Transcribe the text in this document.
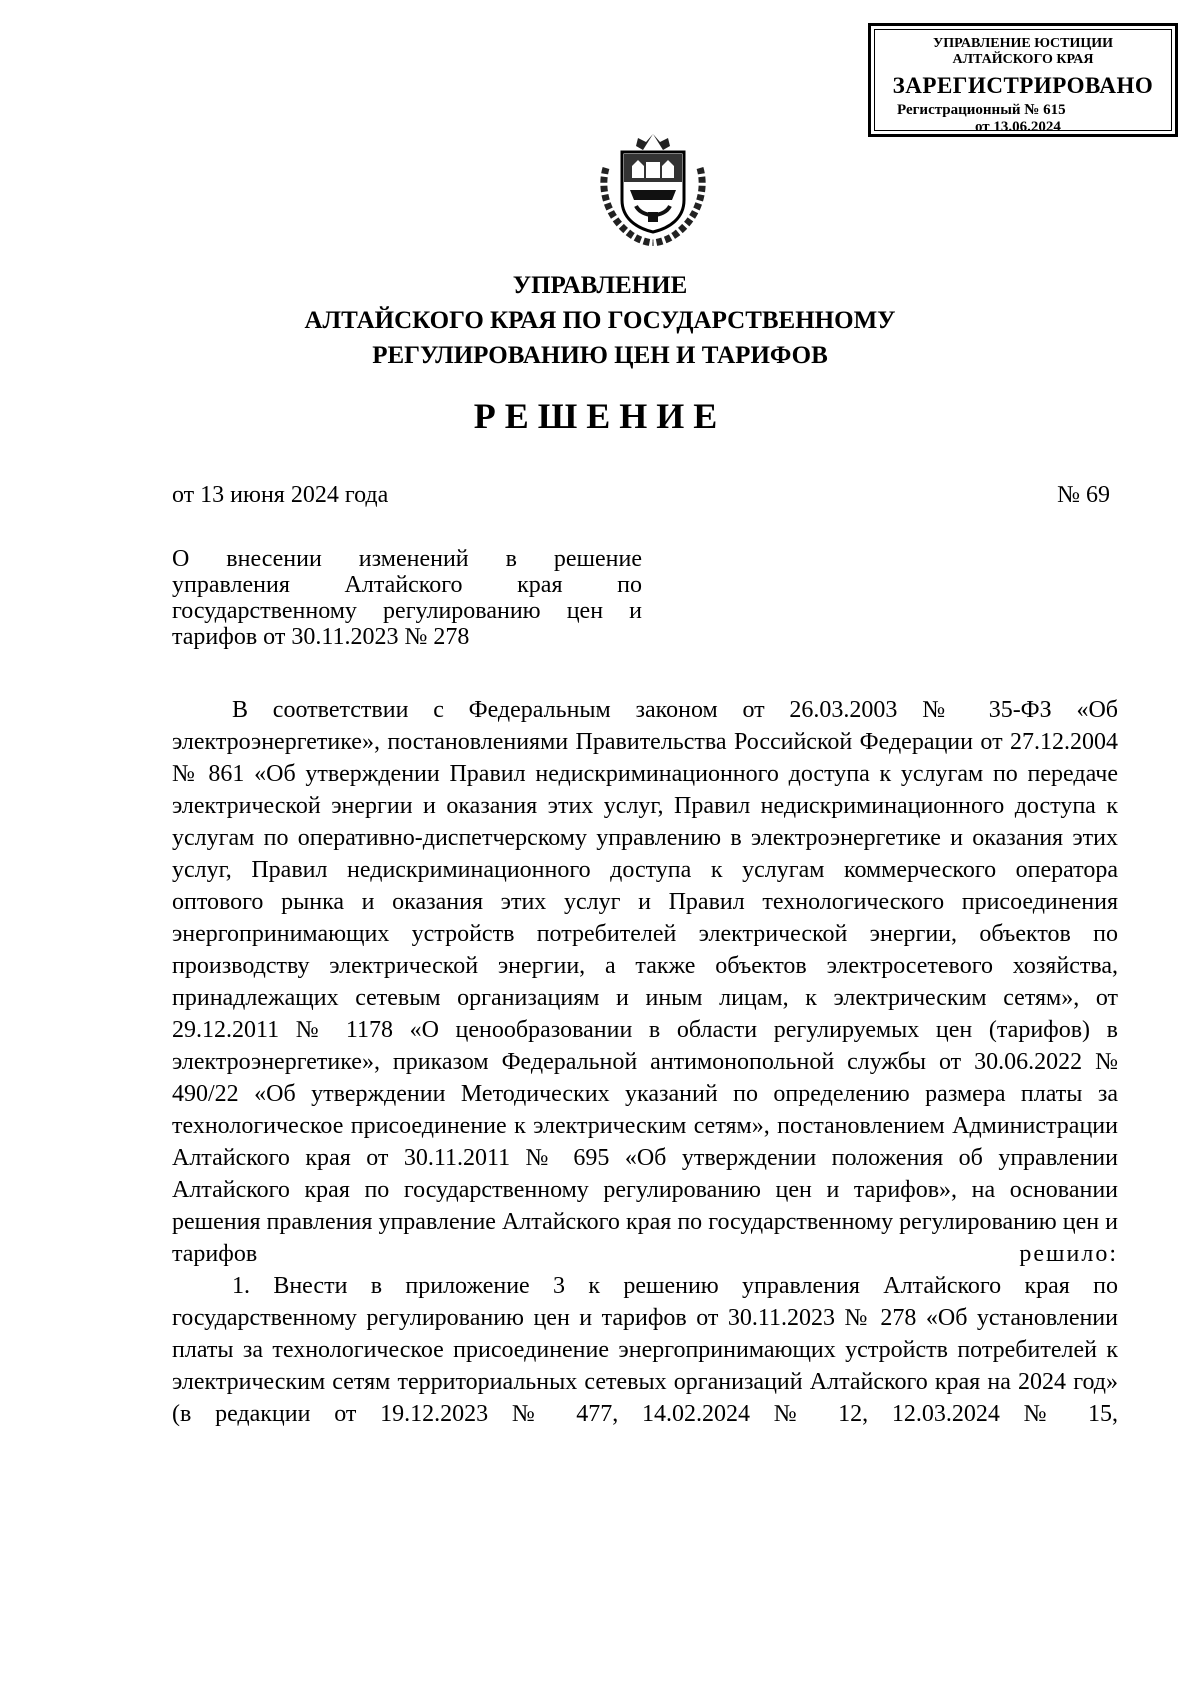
УПРАВЛЕНИЕ ЮСТИЦИИ
АЛТАЙСКОГО КРАЯ
ЗАРЕГИСТРИРОВАНО
Регистрационный № 615
от 13.06.2024
УПРАВЛЕНИЕ
АЛТАЙСКОГО КРАЯ ПО ГОСУДАРСТВЕННОМУ
РЕГУЛИРОВАНИЮ ЦЕН И ТАРИФОВ
РЕШЕНИЕ
от 13 июня 2024 года	№ 69
О внесении изменений в решение управления Алтайского края по государственному регулированию цен и тарифов от 30.11.2023 № 278

В соответствии с Федеральным законом от 26.03.2003 № 35-ФЗ «Об электроэнергетике», постановлениями Правительства Российской Федерации от 27.12.2004 № 861 «Об утверждении Правил недискриминационного доступа к услугам по передаче электрической энергии и оказания этих услуг, Правил недискриминационного доступа к услугам по оперативно-диспетчерскому управлению в электроэнергетике и оказания этих услуг, Правил недискриминационного доступа к услугам коммерческого оператора оптового рынка и оказания этих услуг и Правил технологического присоединения энергопринимающих устройств потребителей электрической энергии, объектов по производству электрической энергии, а также объектов электросетевого хозяйства, принадлежащих сетевым организациям и иным лицам, к электрическим сетям», от 29.12.2011 № 1178 «О ценообразовании в области регулируемых цен (тарифов) в электроэнергетике», приказом Федеральной антимонопольной службы от 30.06.2022 № 490/22 «Об утверждении Методических указаний по определению размера платы за технологическое присоединение к электрическим сетям», постановлением Администрации Алтайского края от 30.11.2011 № 695 «Об утверждении положения об управлении Алтайского края по государственному регулированию цен и тарифов», на основании решения правления управление Алтайского края по государственному регулированию цен и тарифов	решило:

1. Внести в приложение 3 к решению управления Алтайского края по государственному регулированию цен и тарифов от 30.11.2023 № 278 «Об установлении платы за технологическое присоединение энергопринимающих устройств потребителей к электрическим сетям территориальных сетевых организаций Алтайского края на 2024 год» (в редакции от 19.12.2023 № 477, 14.02.2024 № 12, 12.03.2024 № 15,
